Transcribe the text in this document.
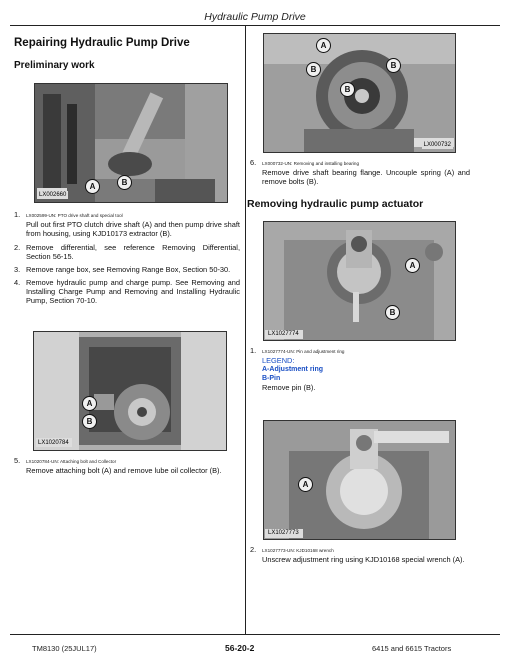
Hydraulic Pump Drive
Repairing Hydraulic Pump Drive
Preliminary work
LX002660
A	B
1. LX002599-UN: PTO drive shaft and special tool
Pull out first PTO clutch drive shaft (A) and then pump drive shaft from housing, using KJD10173 extractor (B).
2. Remove differential, see reference Removing Differential, Section 56-15.
3. Remove range box, see Removing Range Box, Section 50-30.
4. Remove hydraulic pump and charge pump. See Removing and Installing Charge Pump and Removing and Installing Hydraulic Pump, Section 70-10.
LX1020784
A
B
5. LX1020784-UN: Attaching bolt and Collector
Remove attaching bolt (A) and remove lube oil collector (B).
LX000732
A
B
B
B
6. LX000732-UN: Removing and installing bearing
Remove drive shaft bearing flange. Uncouple spring (A) and remove bolts (B).
Removing hydraulic pump actuator
LX1027774
A
B
1. LX1027774-UN: Pin and adjustment ring
LEGEND:
A-Adjustment ring
B-Pin
Remove pin (B).
LX1027773
A
2. LX1027773-UN: KJD10168 wrench
Unscrew adjustment ring using KJD10168 special wrench (A).
TM8130 (25JUL17)	56-20-2	6415 and 6615 Tractors
